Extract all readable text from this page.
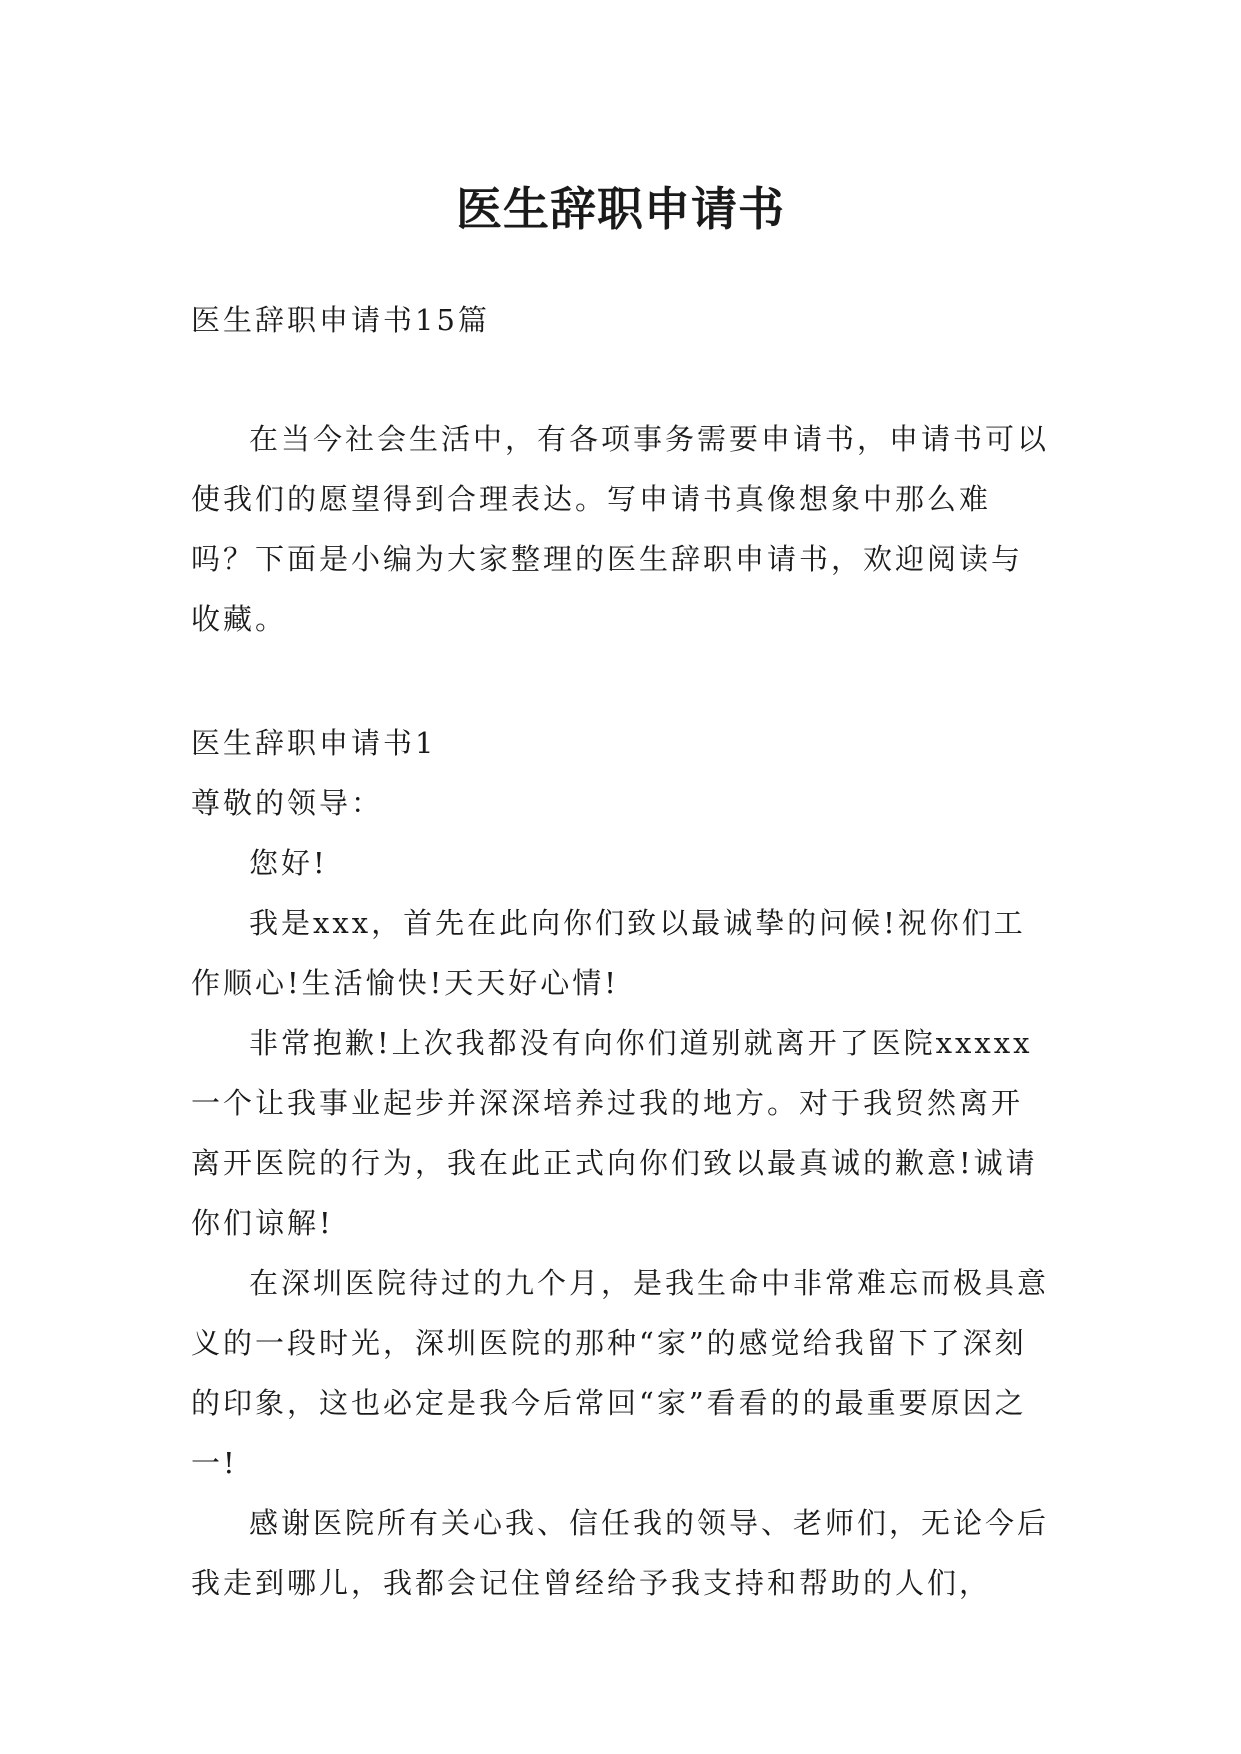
医生辞职申请书

医生辞职申请书15篇

在当今社会生活中，有各项事务需要申请书，申请书可以使我们的愿望得到合理表达。写申请书真像想象中那么难吗？下面是小编为大家整理的医生辞职申请书，欢迎阅读与收藏。

医生辞职申请书1

尊敬的领导：

您好!

我是xxx，首先在此向你们致以最诚挚的问候!祝你们工作顺心!生活愉快!天天好心情!

非常抱歉!上次我都没有向你们道别就离开了医院xxxxx一个让我事业起步并深深培养过我的地方。对于我贸然离开离开医院的行为，我在此正式向你们致以最真诚的歉意!诚请你们谅解!

在深圳医院待过的九个月，是我生命中非常难忘而极具意义的一段时光，深圳医院的那种“家”的感觉给我留下了深刻的印象，这也必定是我今后常回“家”看看的的最重要原因之一!

感谢医院所有关心我、信任我的领导、老师们，无论今后我走到哪儿，我都会记住曾经给予我支持和帮助的人们，
